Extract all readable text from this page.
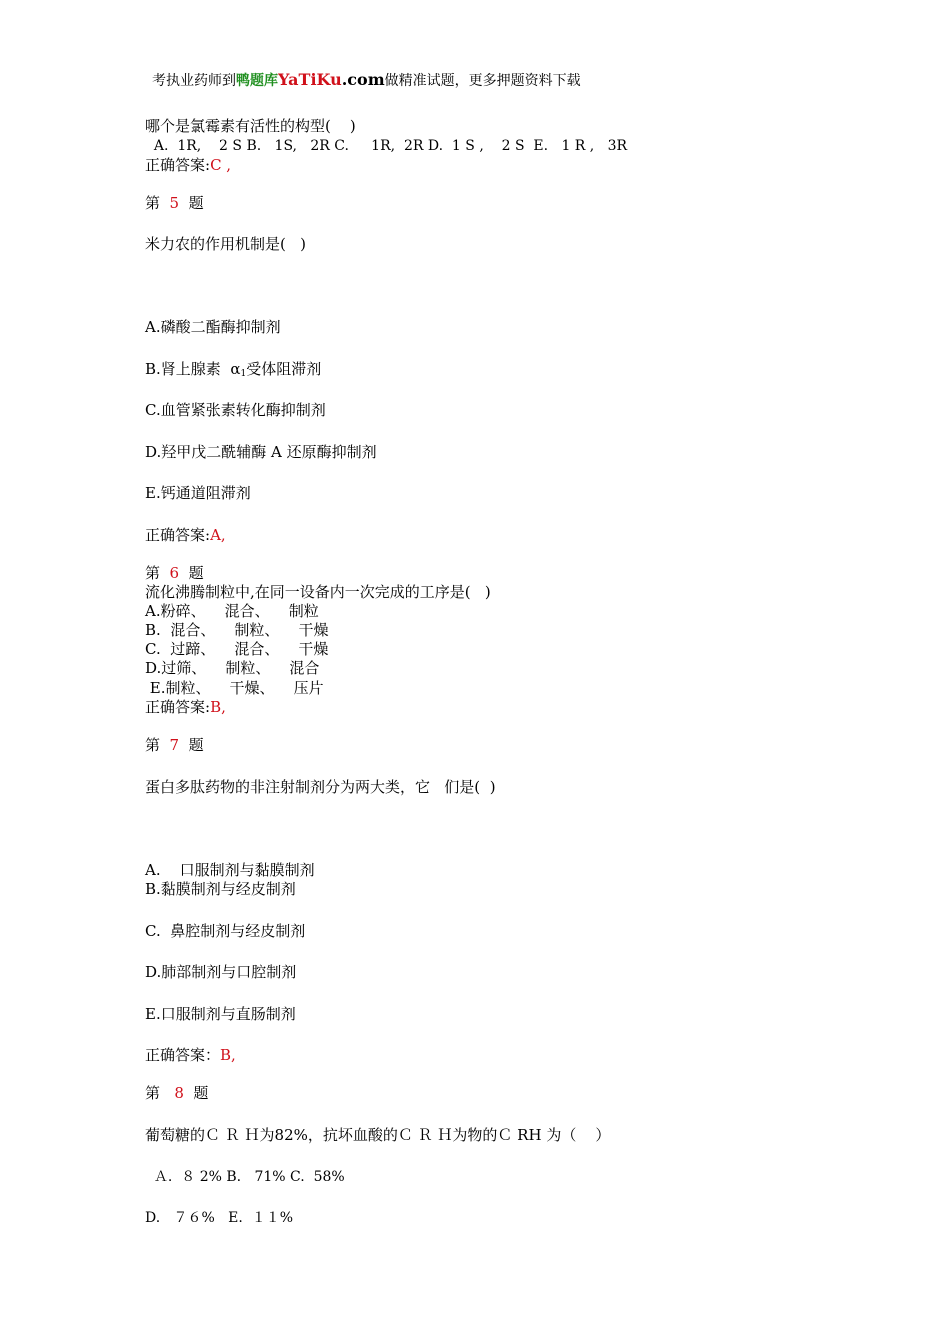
考执业药师到鸭题库YaTiKu.com做精准试题，更多押题资料下载
哪个是氯霉素有活性的构型(    )
A.  1R,    2 S B.   1S,   2R C.     1R,  2R D.  1 S ,    2 S  E.   1 R ,   3R
正确答案:C ,
第  5  题
米力农的作用机制是(   )
A.磷酸二酯酶抑制剂
B.肾上腺素  $\alpha_1$受体阻滞剂
C.血管紧张素转化酶抑制剂
D.羟甲戊二酰辅酶 A 还原酶抑制剂
E.钙通道阻滞剂
正确答案:A,
第  6  题
流化沸腾制粒中,在同一设备内一次完成的工序是(   )
A.粉碎、    混合、    制粒
B.  混合、    制粒、    干燥
C.  过蹄、    混合、    干燥
D.过筛、    制粒、    混合
E.制粒、    干燥、    压片
正确答案:B,
第  7  题
蛋白多肽药物的非注射制剂分为两大类，它   们是(  )
A.    口服制剂与黏膜制剂
B.黏膜制剂与经皮制剂
C.  鼻腔制剂与经皮制剂
D.肺部制剂与口腔制剂
E.口服制剂与直肠制剂
正确答案：B,
第   8  题
葡萄糖的Ｃ Ｒ Ｈ为82%，抗坏血酸的Ｃ Ｒ Ｈ为物的Ｃ RH 为（    ）
Ａ.  ８ 2% B.   71% C.  58%
D.   ７６%   E.  １１%
